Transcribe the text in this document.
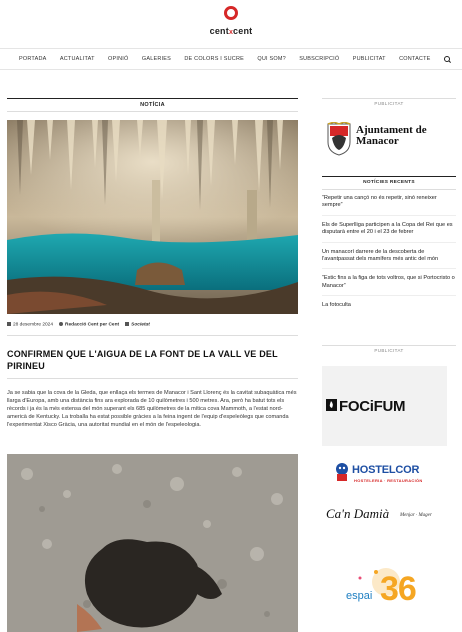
centxcent
PORTADA ACTUALITAT OPINIÓ GALERIES DE COLORS I SUCRE QUI SOM? SUBSCRIPCIÓ PUBLICITAT CONTACTE
NOTÍCIA
28 desembre 2024	Redacció Cent per Cent	Societat
CONFIRMEN QUE L'AIGUA DE LA FONT DE LA VALL VE DEL PIRINEU

Ja se sabia que la cova de la Gleda, que enllaça els termes de Manacor i Sant Llorenç és la cavitat subaquàtica més llarga d'Europa, amb una distància fins ara explorada de 10 quilòmetres i 500 metres. Ara, però ha batut tots els rècords i ja és la més extensa del món superant els 685 quilòmetres de la mítica cova Mammoth, a l'estat nord-americà de Kentucky. La troballa ha estat possible gràcies a la feina ingent de l'equip d'espeleòlegs que comanda l'experimentat Xisco Gràcia, una autoritat mundial en el món de l'espeleologia.

PUBLICITAT
Ajuntament de
Manacor
NOTÍCIES RECENTS
“Repetir una cançó no és repetir, sinó reneixer sempre”
Els de Superlliga participen a la Copa del Rei que es disputarà entre el 20 i el 23 de febrer
Un manacorí darrere de la descoberta de l'avantpassat dels mamífers més antic del món
“Estic fins a la figa de tots voltros, que si Portocristo o Manacor”
La fotoculta
PUBLICITAT
FOCiFUM
HOSTELCOR
HOSTELERIA · RESTAURACIÓN
Ca'n Damià Menjar · Mager
espai 36
